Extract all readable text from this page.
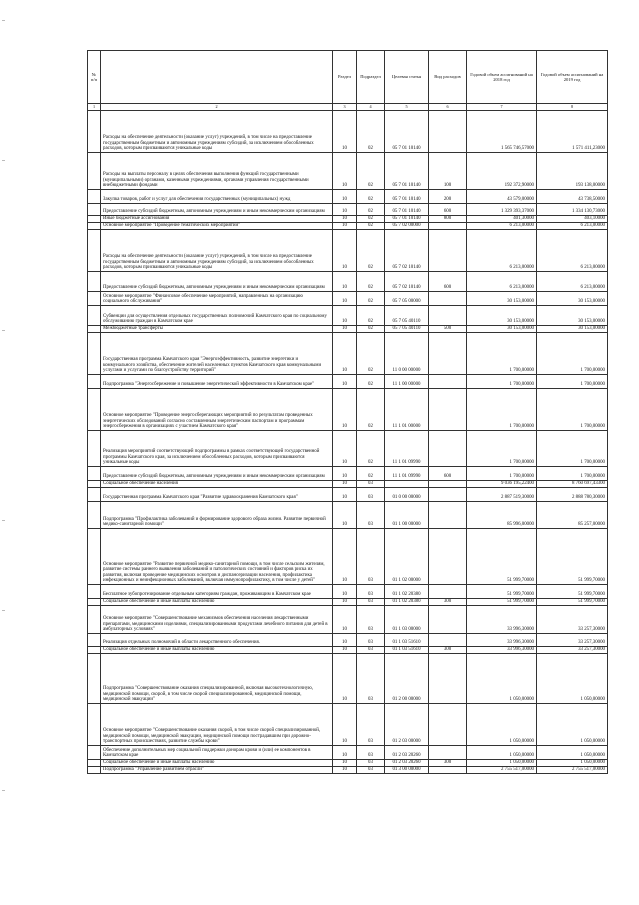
№ п/п		Раздел	Подраздел	Целевая статья	Вид расходов	Годовой объем ассигнований на 2018 год	Годовой объем ассигнований на 2019 год
1	2	3	4	5	6	7	8
	Расходы на обеспечение деятельности (оказание услуг) учреждений, в том числе на предоставление государственным бюджетным и автономным учреждениям субсидий, за исключением обособленных расходов, которым присваиваются уникальные коды	10	02	05 7 01 10140		1 565 746,57000	1 571 411,23000
	Расходы на выплаты персоналу в целях обеспечения выполнения функций государственными (муниципальными) органами, казенными учреждениями, органами управления государственными внебюджетными фондами	10	02	05 7 01 10140	100	192 372,90000	193 138,00000
	Закупка товаров, работ и услуг для обеспечения государственных (муниципальных) нужд	10	02	05 7 01 10140	200	43 579,00000	43 738,50000
	Предоставление субсидий бюджетным, автономным учреждениям и иным некоммерческим организациям	10	02	05 7 01 10140	600	1 329 393,37000	1 334 130,73000
	Иные бюджетные ассигнования	10	02	05 7 01 10140	800	401,30000	403,10000
	Основное мероприятие "Проведение тематических мероприятий"	10	02	05 7 02 00000		6 213,00000	6 213,00000
	Расходы на обеспечение деятельности (оказание услуг) учреждений, в том числе на предоставление государственным бюджетным и автономным учреждениям субсидий, за исключением обособленных расходов, которым присваиваются уникальные коды	10	02	05 7 02 10140		6 213,00000	6 213,00000
	Предоставление субсидий бюджетным, автономным учреждениям и иным некоммерческим организациям	10	02	05 7 02 10140	600	6 213,00000	6 213,00000
	Основное мероприятие "Финансовое обеспечение мероприятий, направленных на организацию социального обслуживания"	10	02	05 7 05 00000		30 153,00000	30 153,00000
	Субвенции для осуществления отдельных государственных полномочий Камчатского края по социальному обслуживанию граждан в Камчатском крае	10	02	05 7 05 40110		30 153,00000	30 153,00000
	Межбюджетные трансферты	10	02	05 7 05 40110	500	30 153,00000	30 153,00000
	Государственная программа Камчатского края "Энергоэффективность, развитие энергетики и коммунального хозяйства, обеспечение жителей населенных пунктов Камчатского края коммунальными услугами и услугами по благоустройству территорий"	10	02	11 0 00 00000		1 700,00000	1 700,00000
	Подпрограмма "Энергосбережение и повышение энергетической эффективности в Камчатском крае"	10	02	11 1 00 00000		1 700,00000	1 700,00000
	Основное мероприятие "Проведение энергосберегающих мероприятий по результатам проведенных энергетических обследований согласно составленным энергетическим паспортам и программам энергосбережения в организациях с участием Камчатского края"	10	02	11 1 01 00000		1 700,00000	1 700,00000
	Реализация мероприятий соответствующей подпрограммы в рамках соответствующей государственной программы Камчатского края, за исключением обособленных расходов, которым присваиваются уникальные коды	10	02	11 1 01 09990		1 700,00000	1 700,00000
	Предоставление субсидий бюджетным, автономным учреждениям и иным некоммерческим организациям	10	02	11 1 01 09990	600	1 700,00000	1 700,00000
	Социальное обеспечение населения	10	03			9 036 195,22400	8 760 697,43300
	Государственная программа Камчатского края "Развитие здравоохранения Камчатского края"	10	03	01 0 00 00000		2 887 519,30000	2 888 780,30000
	Подпрограмма "Профилактика заболеваний и формирование здорового образа жизни. Развитие первичной медико-санитарной помощи"	10	03	01 1 00 00000		85 996,00000	85 257,00000
	Основное мероприятие "Развитие первичной медико-санитарной помощи, в том числе сельским жителям, развитие системы раннего выявления заболеваний и патологических состояний и факторов риска их развития, включая проведение медицинских осмотров и диспансеризации населения, профилактика инфекционных и неинфекционных заболеваний, включая иммунопрофилактику, в том числе у детей"	10	03	01 1 02 00000		51 999,70000	51 999,70000
	Бесплатное зубопротезирование отдельным категориям граждан, проживающим в Камчатском крае	10	03	01 1 02 20380		51 999,70000	51 999,70000
	Социальное обеспечение и иные выплаты населению	10	03	01 1 02 20380	300	51 999,70000	51 999,70000
	Основное мероприятие "Совершенствование механизмов обеспечения населения лекарственными препаратами, медицинскими изделиями, специализированными продуктами лечебного питания для детей в амбулаторных условиях"	10	03	01 1 03 00000		33 996,30000	33 257,30000
	Реализация отдельных полномочий в области лекарственного обеспечения.	10	03	01 1 03 51610		33 996,30000	33 257,30000
	Социальное обеспечение и иные выплаты населению	10	03	01 1 03 51610	300	33 996,30000	33 257,30000
	Подпрограмма "Совершенствование оказания специализированной, включая высокотехнологичную, медицинской помощи, скорой, в том числе скорой специализированной, медицинской помощи, медицинской эвакуации"	10	03	01 2 00 00000		1 050,00000	1 050,00000
	Основное мероприятие "Совершенствование оказания скорой, в том числе скорой специализированной, медицинской помощи, медицинской эвакуации, медицинской помощи пострадавшим при дорожно-транспортных происшествиях, развитие службы крови"	10	03	01 2 03 00000		1 050,00000	1 050,00000
	Обеспечение дополнительных мер социальной поддержки донорам крови и (или) ее компонентов в Камчатском крае	10	03	01 2 03 20260		1 050,00000	1 050,00000
	Социальное обеспечение и иные выплаты населению	10	03	01 2 03 20260	300	1 050,00000	1 050,00000
	Подпрограмма "Управление развитием отрасли"	10	03	01 3 00 00000		2 755 517,00000	2 755 517,00000
